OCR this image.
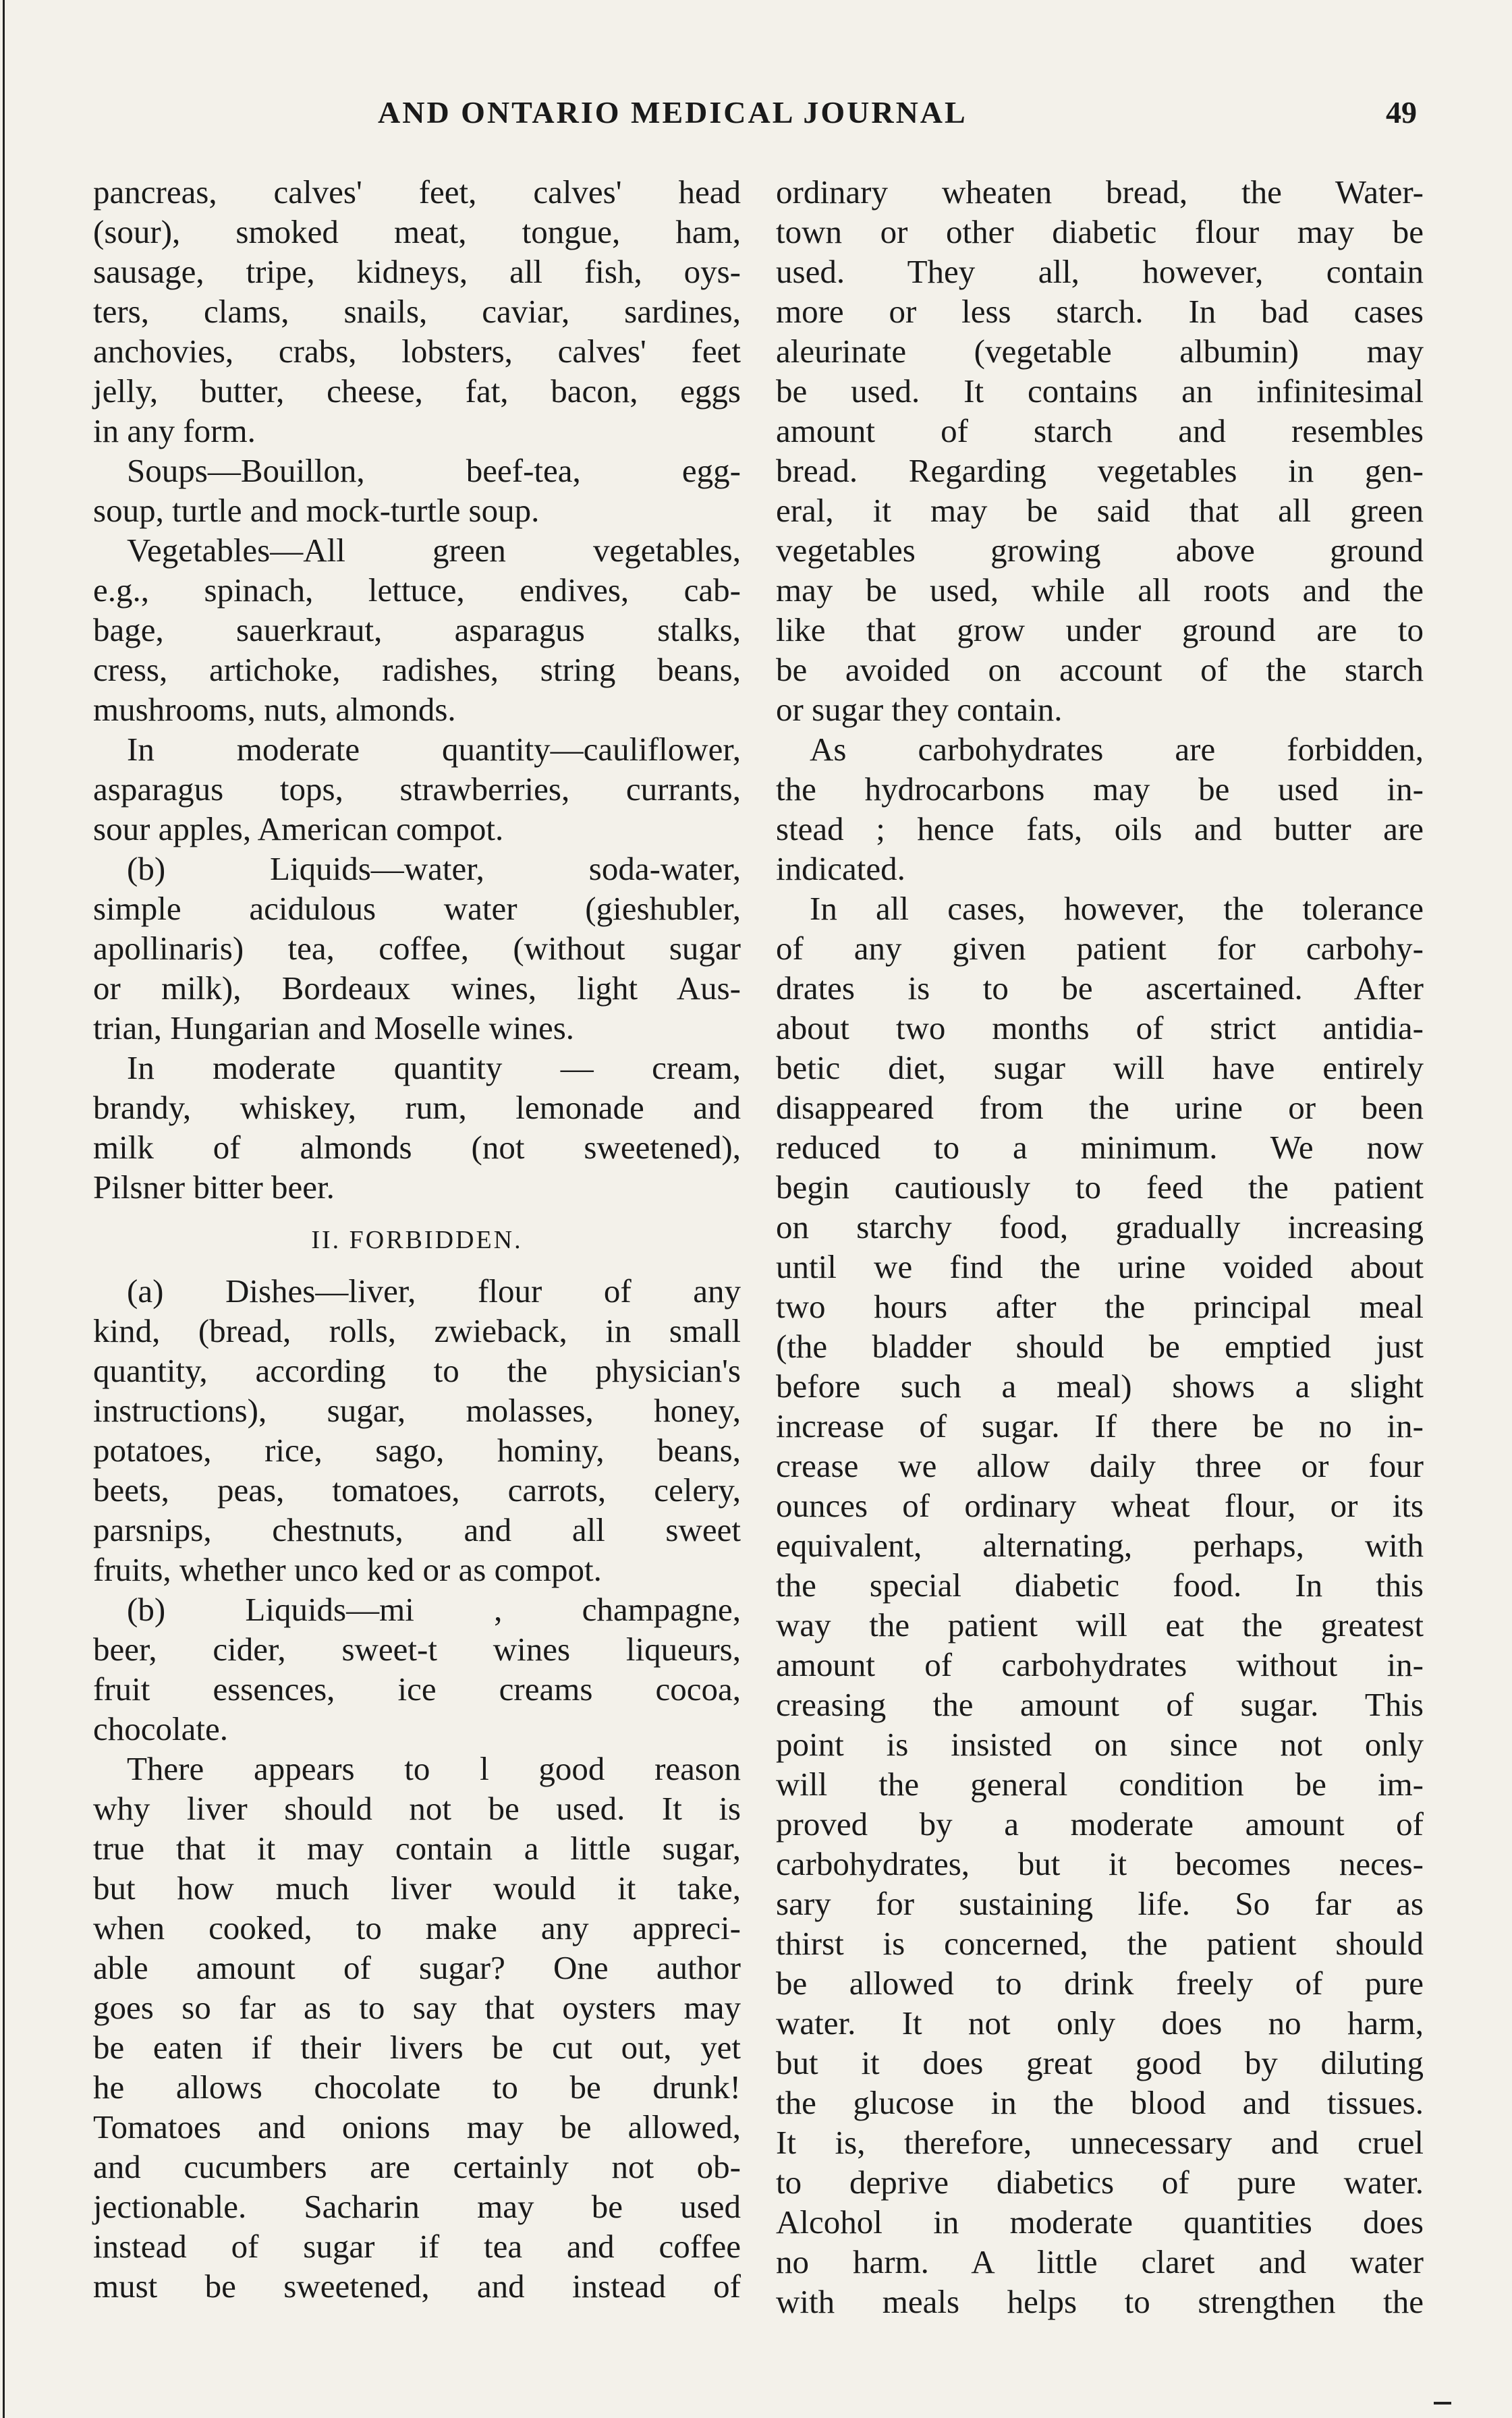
AND ONTARIO MEDICAL JOURNAL	49
pancreas, calves' feet, calves' head
(sour), smoked meat, tongue, ham,
sausage, tripe, kidneys, all fish, oys-
ters, clams, snails, caviar, sardines,
anchovies, crabs, lobsters, calves' feet
jelly, butter, cheese, fat, bacon, eggs
in any form.
Soups—Bouillon, beef-tea, egg-
soup, turtle and mock-turtle soup.
Vegetables—All green vegetables,
e.g., spinach, lettuce, endives, cab-
bage, sauerkraut, asparagus stalks,
cress, artichoke, radishes, string beans,
mushrooms, nuts, almonds.
In moderate quantity—cauliflower,
asparagus tops, strawberries, currants,
sour apples, American compot.
(b) Liquids—water, soda-water,
simple acidulous water (gieshubler,
apollinaris) tea, coffee, (without sugar
or milk), Bordeaux wines, light Aus-
trian, Hungarian and Moselle wines.
In moderate quantity — cream,
brandy, whiskey, rum, lemonade and
milk of almonds (not sweetened),
Pilsner bitter beer.
II. FORBIDDEN.
(a) Dishes—liver, flour of any
kind, (bread, rolls, zwieback, in small
quantity, according to the physician's
instructions), sugar, molasses, honey,
potatoes, rice, sago, hominy, beans,
beets, peas, tomatoes, carrots, celery,
parsnips, chestnuts, and all sweet
fruits, whether unco ked or as compot.
(b) Liquids—mi , champagne,
beer, cider, sweet-t wines liqueurs,
fruit essences, ice creams cocoa,
chocolate.
There appears to l good reason
why liver should not be used. It is
true that it may contain a little sugar,
but how much liver would it take,
when cooked, to make any appreci-
able amount of sugar? One author
goes so far as to say that oysters may
be eaten if their livers be cut out, yet
he allows chocolate to be drunk!
Tomatoes and onions may be allowed,
and cucumbers are certainly not ob-
jectionable. Sacharin may be used
instead of sugar if tea and coffee
must be sweetened, and instead of
ordinary wheaten bread, the Water-
town or other diabetic flour may be
used. They all, however, contain
more or less starch. In bad cases
aleurinate (vegetable albumin) may
be used. It contains an infinitesimal
amount of starch and resembles
bread. Regarding vegetables in gen-
eral, it may be said that all green
vegetables growing above ground
may be used, while all roots and the
like that grow under ground are to
be avoided on account of the starch
or sugar they contain.
As carbohydrates are forbidden,
the hydrocarbons may be used in-
stead ; hence fats, oils and butter are
indicated.
In all cases, however, the tolerance
of any given patient for carbohy-
drates is to be ascertained. After
about two months of strict antidia-
betic diet, sugar will have entirely
disappeared from the urine or been
reduced to a minimum. We now
begin cautiously to feed the patient
on starchy food, gradually increasing
until we find the urine voided about
two hours after the principal meal
(the bladder should be emptied just
before such a meal) shows a slight
increase of sugar. If there be no in-
crease we allow daily three or four
ounces of ordinary wheat flour, or its
equivalent, alternating, perhaps, with
the special diabetic food. In this
way the patient will eat the greatest
amount of carbohydrates without in-
creasing the amount of sugar. This
point is insisted on since not only
will the general condition be im-
proved by a moderate amount of
carbohydrates, but it becomes neces-
sary for sustaining life. So far as
thirst is concerned, the patient should
be allowed to drink freely of pure
water. It not only does no harm,
but it does great good by diluting
the glucose in the blood and tissues.
It is, therefore, unnecessary and cruel
to deprive diabetics of pure water.
Alcohol in moderate quantities does
no harm. A little claret and water
with meals helps to strengthen the
